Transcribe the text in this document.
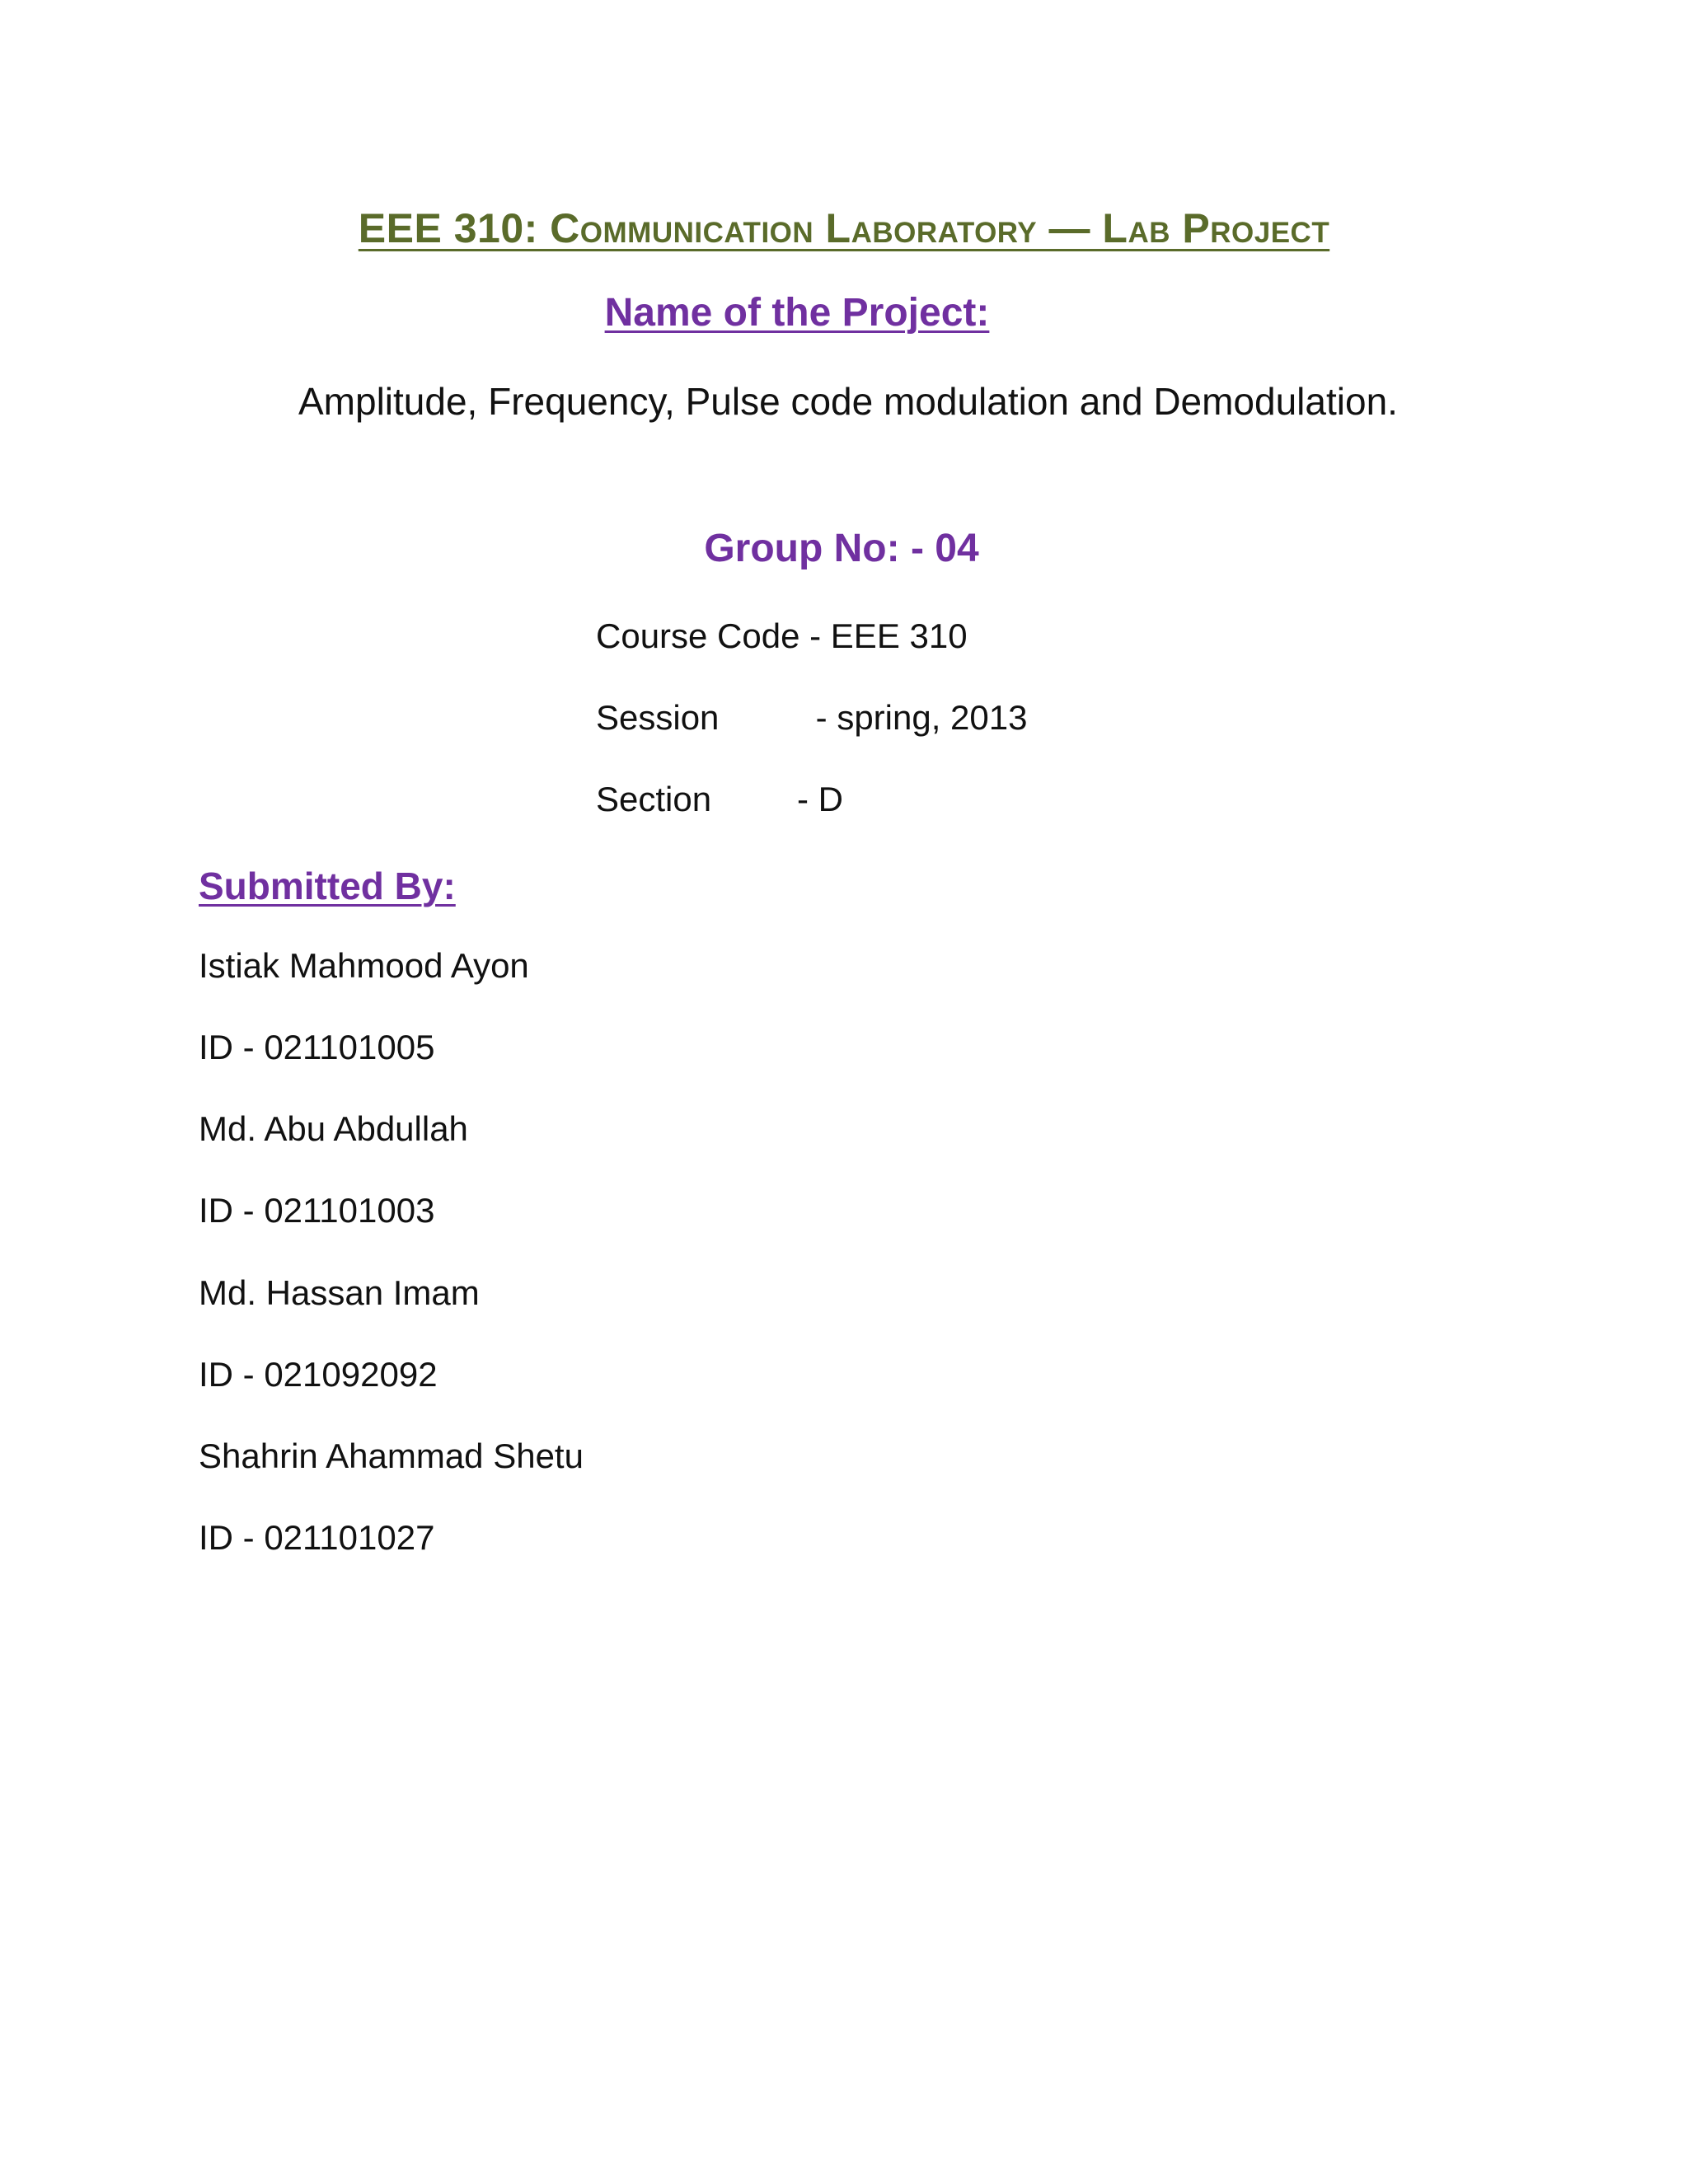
EEE 310: Communication Laboratory — Lab Project
Name of the Project:
Amplitude, Frequency, Pulse code modulation and Demodulation.
Group No: - 04
Course Code - EEE 310
Session	- spring, 2013
Section - D
Submitted By:
Istiak Mahmood Ayon
ID - 021101005
Md. Abu Abdullah
ID - 021101003
Md. Hassan Imam
ID - 021092092
Shahrin Ahammad Shetu
ID - 021101027
